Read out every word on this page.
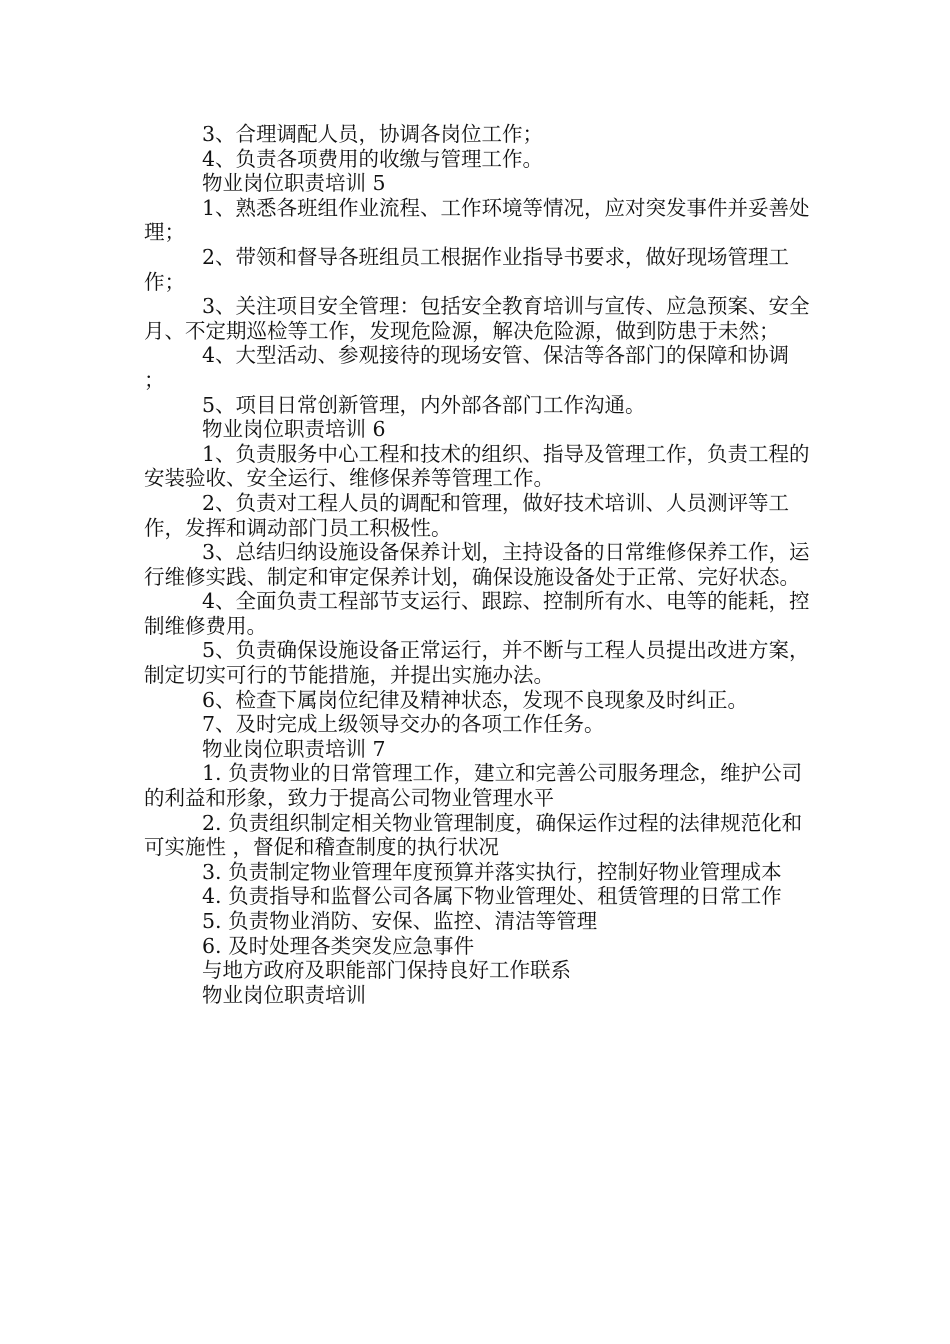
3、合理调配人员，协调各岗位工作；

4、负责各项费用的收缴与管理工作。

物业岗位职责培训 5

1、熟悉各班组作业流程、工作环境等情况，应对突发事件并妥善处理；

2、带领和督导各班组员工根据作业指导书要求，做好现场管理工作；

3、关注项目安全管理：包括安全教育培训与宣传、应急预案、安全月、不定期巡检等工作，发现危险源，解决危险源，做到防患于未然；

4、大型活动、参观接待的现场安管、保洁等各部门的保障和协调 ；

5、项目日常创新管理，内外部各部门工作沟通。

物业岗位职责培训 6

1、负责服务中心工程和技术的组织、指导及管理工作，负责工程的安装验收、安全运行、维修保养等管理工作。

2、负责对工程人员的调配和管理，做好技术培训、人员测评等工作，发挥和调动部门员工积极性。

3、总结归纳设施设备保养计划，主持设备的日常维修保养工作，运行维修实践、制定和审定保养计划，确保设施设备处于正常、完好状态。

4、全面负责工程部节支运行、跟踪、控制所有水、电等的能耗，控制维修费用。

5、负责确保设施设备正常运行，并不断与工程人员提出改进方案，制定切实可行的节能措施，并提出实施办法。

6、检查下属岗位纪律及精神状态，发现不良现象及时纠正。

7、及时完成上级领导交办的各项工作任务。

物业岗位职责培训 7

1. 负责物业的日常管理工作，建立和完善公司服务理念，维护公司的利益和形象，致力于提高公司物业管理水平

2. 负责组织制定相关物业管理制度，确保运作过程的法律规范化和可实施性 ，督促和稽查制度的执行状况

3. 负责制定物业管理年度预算并落实执行，控制好物业管理成本

4. 负责指导和监督公司各属下物业管理处、租赁管理的日常工作

5. 负责物业消防、安保、监控、清洁等管理

6. 及时处理各类突发应急事件

与地方政府及职能部门保持良好工作联系

物业岗位职责培训
